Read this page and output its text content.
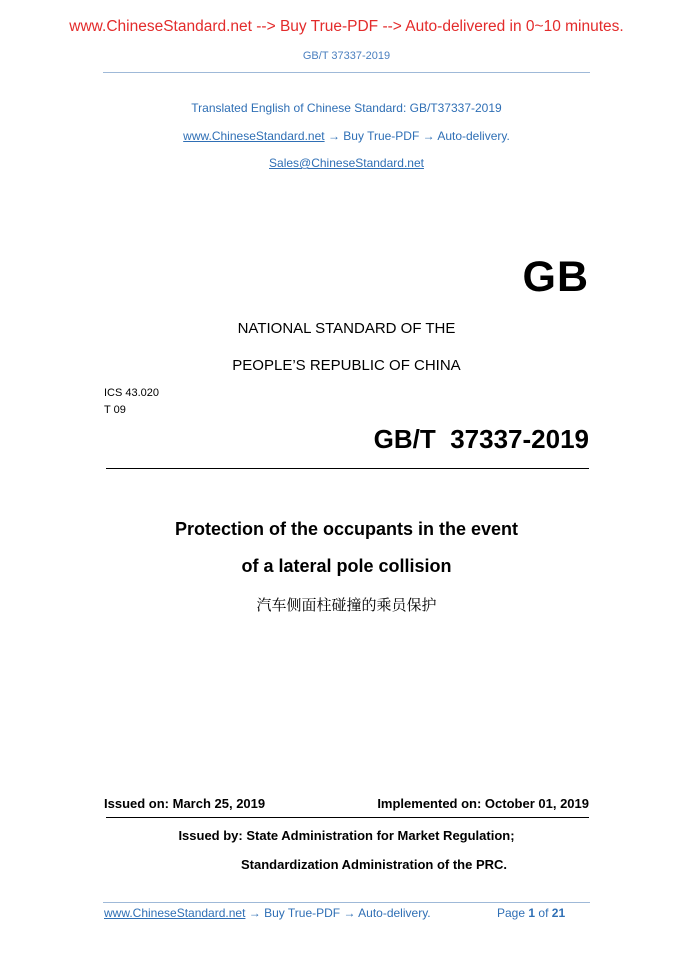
www.ChineseStandard.net --> Buy True-PDF --> Auto-delivered in 0~10 minutes.
GB/T 37337-2019
Translated English of Chinese Standard: GB/T37337-2019
www.ChineseStandard.net → Buy True-PDF → Auto-delivery.
Sales@ChineseStandard.net
GB
NATIONAL STANDARD OF THE
PEOPLE’S REPUBLIC OF CHINA
ICS 43.020
T 09
GB/T  37337-2019
Protection of the occupants in the event
of a lateral pole collision
汽车侧面柱碰撞的乘员保护
Issued on: March 25, 2019	Implemented on: October 01, 2019
Issued by: State Administration for Market Regulation;
Standardization Administration of the PRC.
www.ChineseStandard.net → Buy True-PDF → Auto-delivery.	Page 1 of 21
